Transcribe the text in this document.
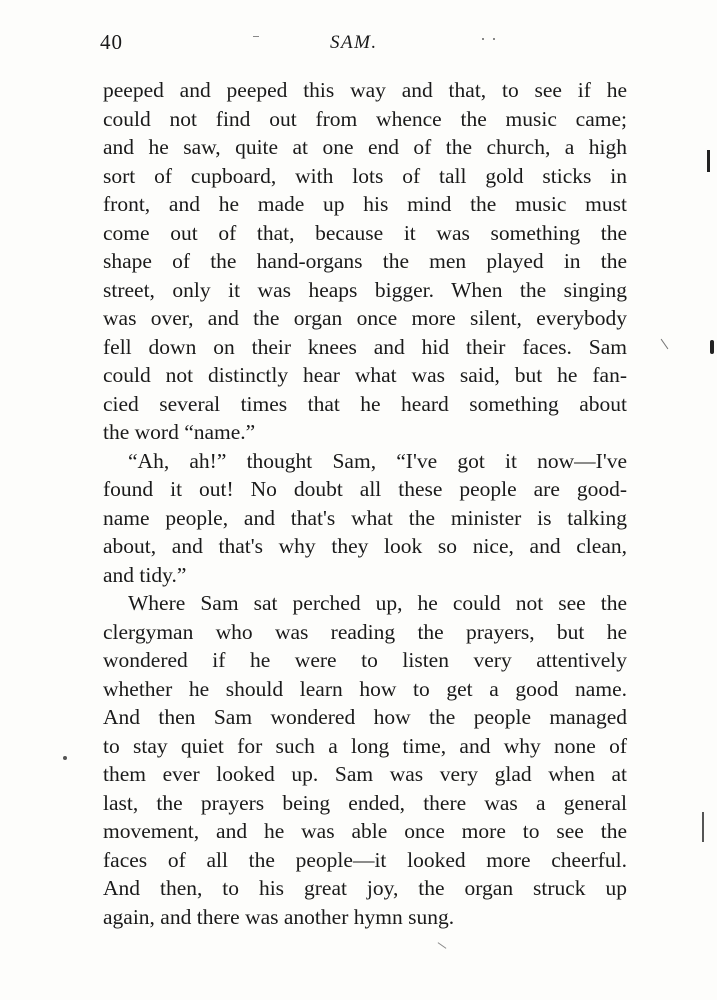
40	SAM.
peeped and peeped this way and that, to see if he
could not find out from whence the music came;
and he saw, quite at one end of the church, a high
sort of cupboard, with lots of tall gold sticks in
front, and he made up his mind the music must
come out of that, because it was something the
shape of the hand-organs the men played in the
street, only it was heaps bigger. When the singing
was over, and the organ once more silent, everybody
fell down on their knees and hid their faces. Sam
could not distinctly hear what was said, but he fan-
cied several times that he heard something about
the word “name.”
“Ah, ah!” thought Sam, “I've got it now—I've
found it out! No doubt all these people are good-
name people, and that's what the minister is talking
about, and that's why they look so nice, and clean,
and tidy.”
Where Sam sat perched up, he could not see the
clergyman who was reading the prayers, but he
wondered if he were to listen very attentively
whether he should learn how to get a good name.
And then Sam wondered how the people managed
to stay quiet for such a long time, and why none of
them ever looked up. Sam was very glad when at
last, the prayers being ended, there was a general
movement, and he was able once more to see the
faces of all the people—it looked more cheerful.
And then, to his great joy, the organ struck up
again, and there was another hymn sung.
